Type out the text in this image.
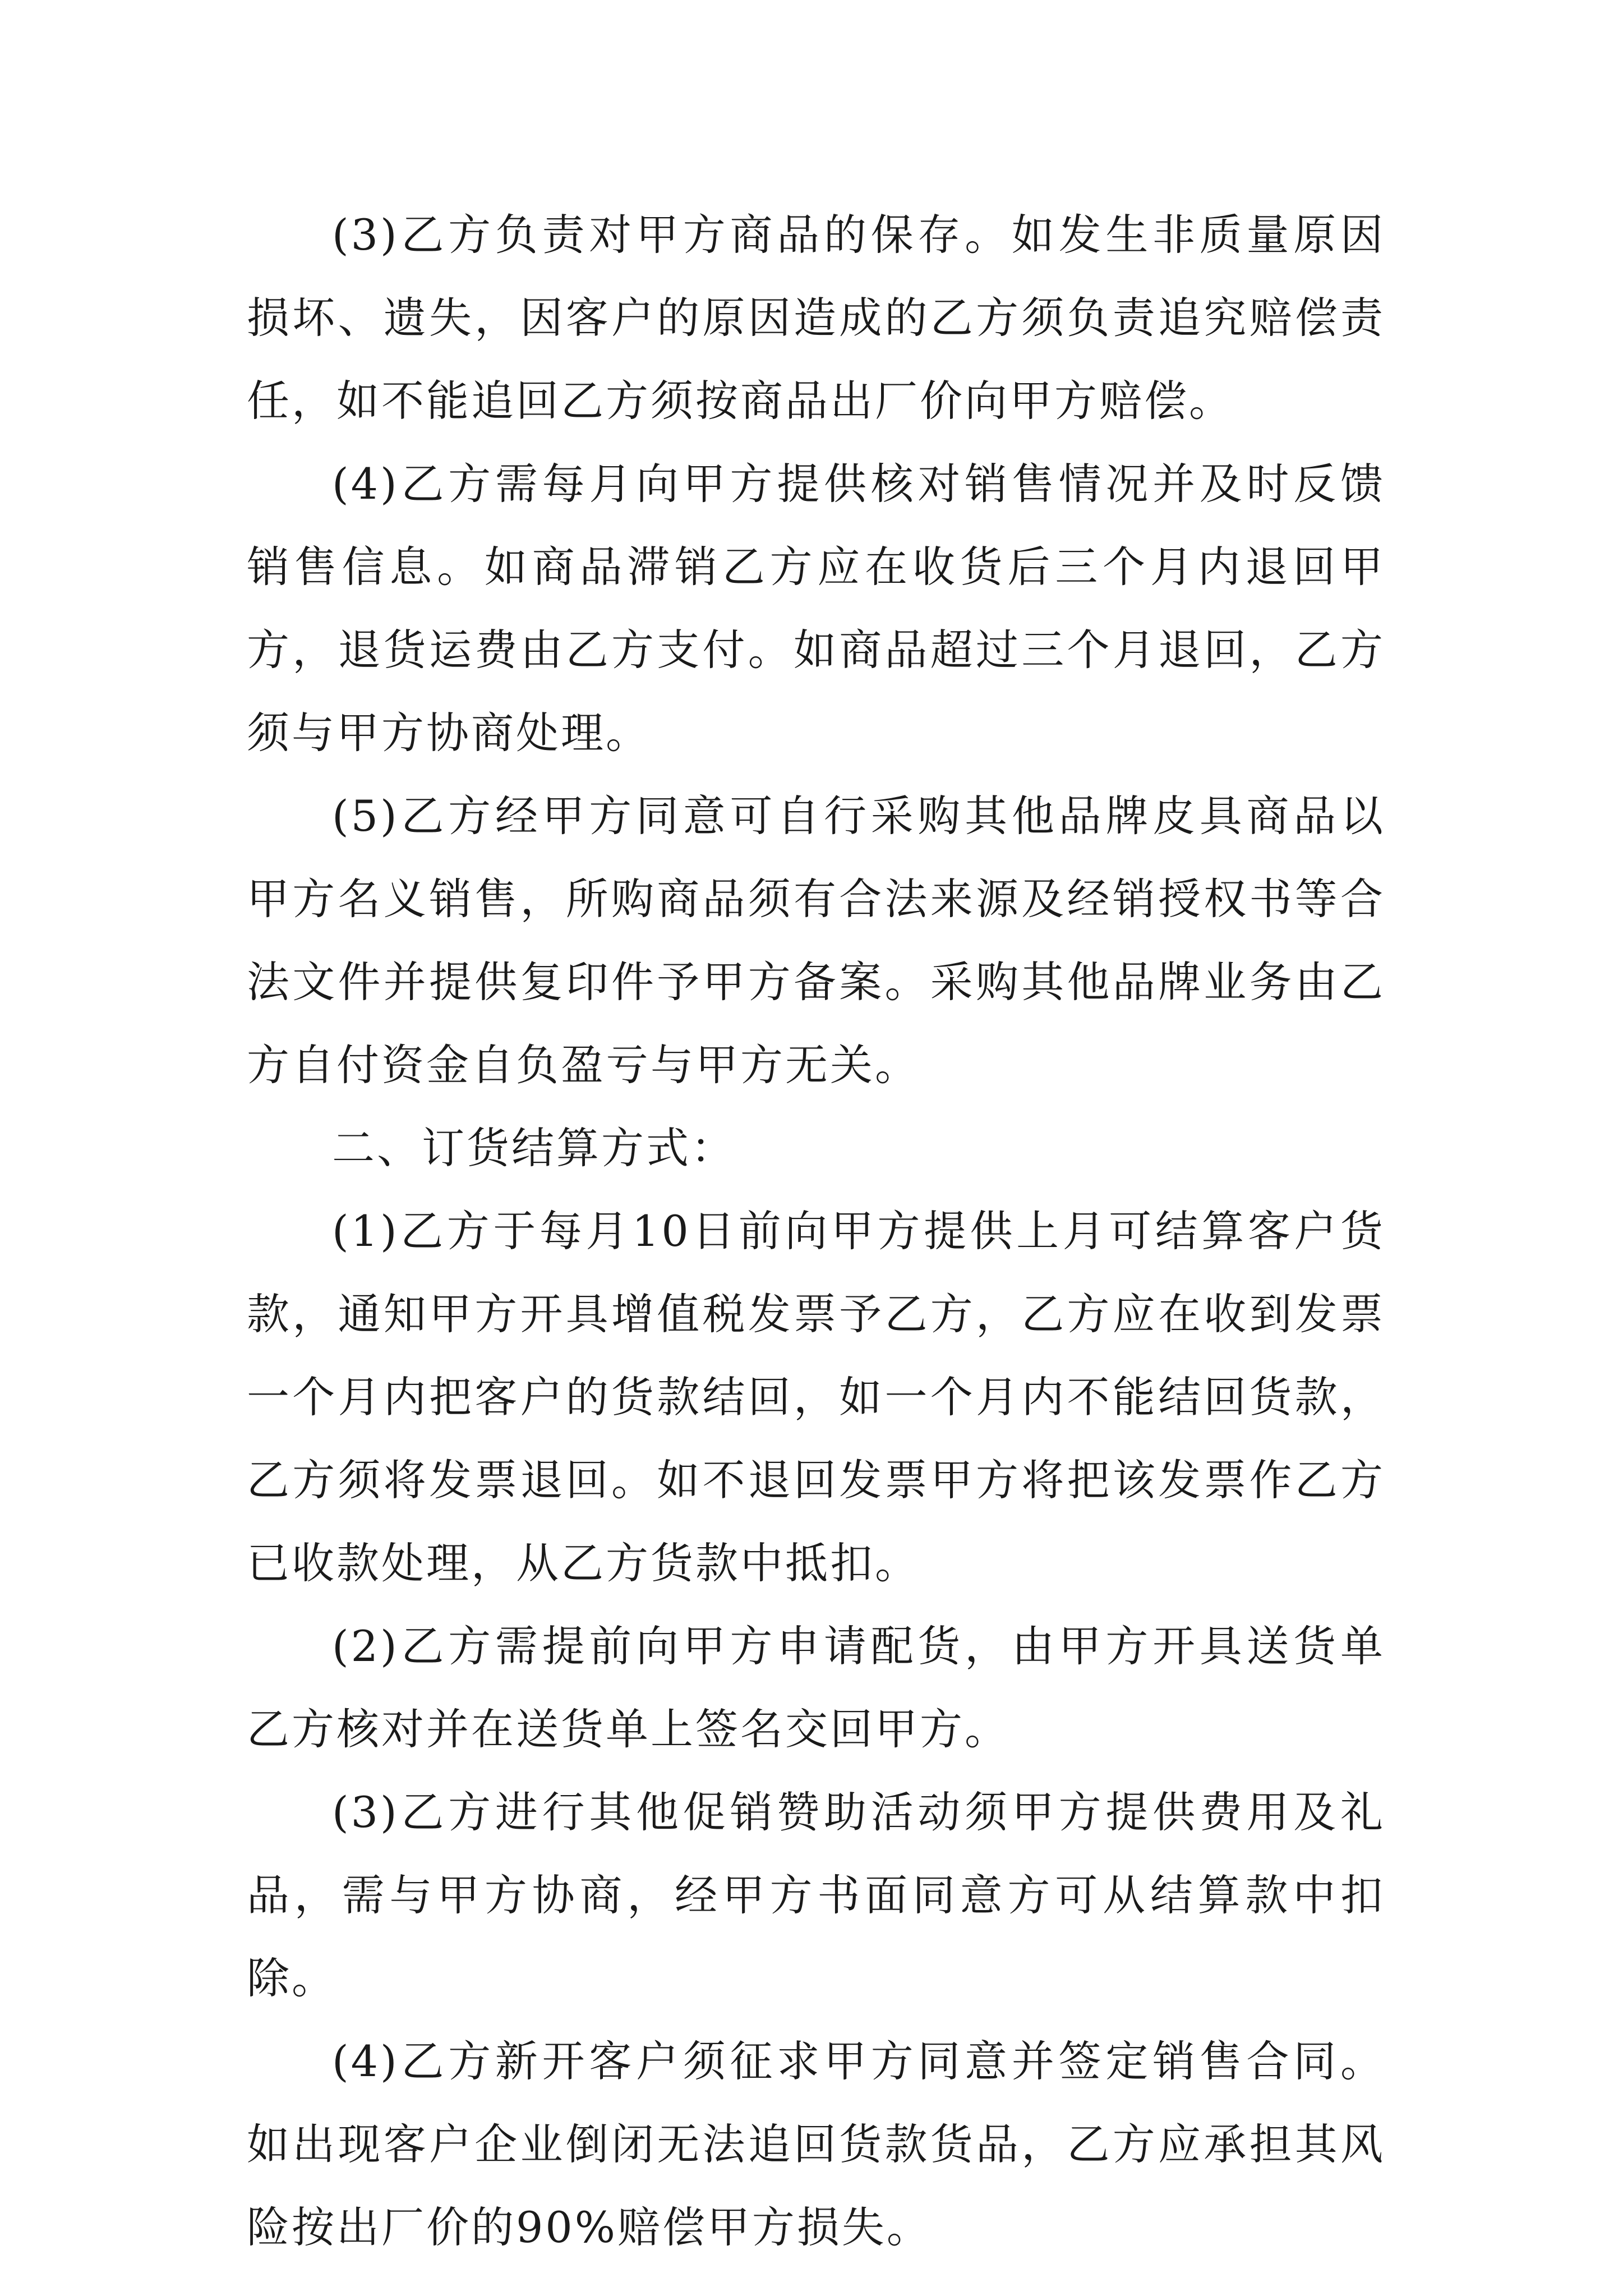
(3)乙方负责对甲方商品的保存。如发生非质量原因损坏、遗失，因客户的原因造成的乙方须负责追究赔偿责任，如不能追回乙方须按商品出厂价向甲方赔偿。

(4)乙方需每月向甲方提供核对销售情况并及时反馈销售信息。如商品滞销乙方应在收货后三个月内退回甲方，退货运费由乙方支付。如商品超过三个月退回，乙方须与甲方协商处理。

(5)乙方经甲方同意可自行采购其他品牌皮具商品以甲方名义销售，所购商品须有合法来源及经销授权书等合法文件并提供复印件予甲方备案。采购其他品牌业务由乙方自付资金自负盈亏与甲方无关。

二、订货结算方式：

(1)乙方于每月10日前向甲方提供上月可结算客户货款，通知甲方开具增值税发票予乙方，乙方应在收到发票一个月内把客户的货款结回，如一个月内不能结回货款，乙方须将发票退回。如不退回发票甲方将把该发票作乙方已收款处理，从乙方货款中抵扣。

(2)乙方需提前向甲方申请配货，由甲方开具送货单乙方核对并在送货单上签名交回甲方。

(3)乙方进行其他促销赞助活动须甲方提供费用及礼品，需与甲方协商，经甲方书面同意方可从结算款中扣除。

(4)乙方新开客户须征求甲方同意并签定销售合同。如出现客户企业倒闭无法追回货款货品，乙方应承担其风险按出厂价的90%赔偿甲方损失。
